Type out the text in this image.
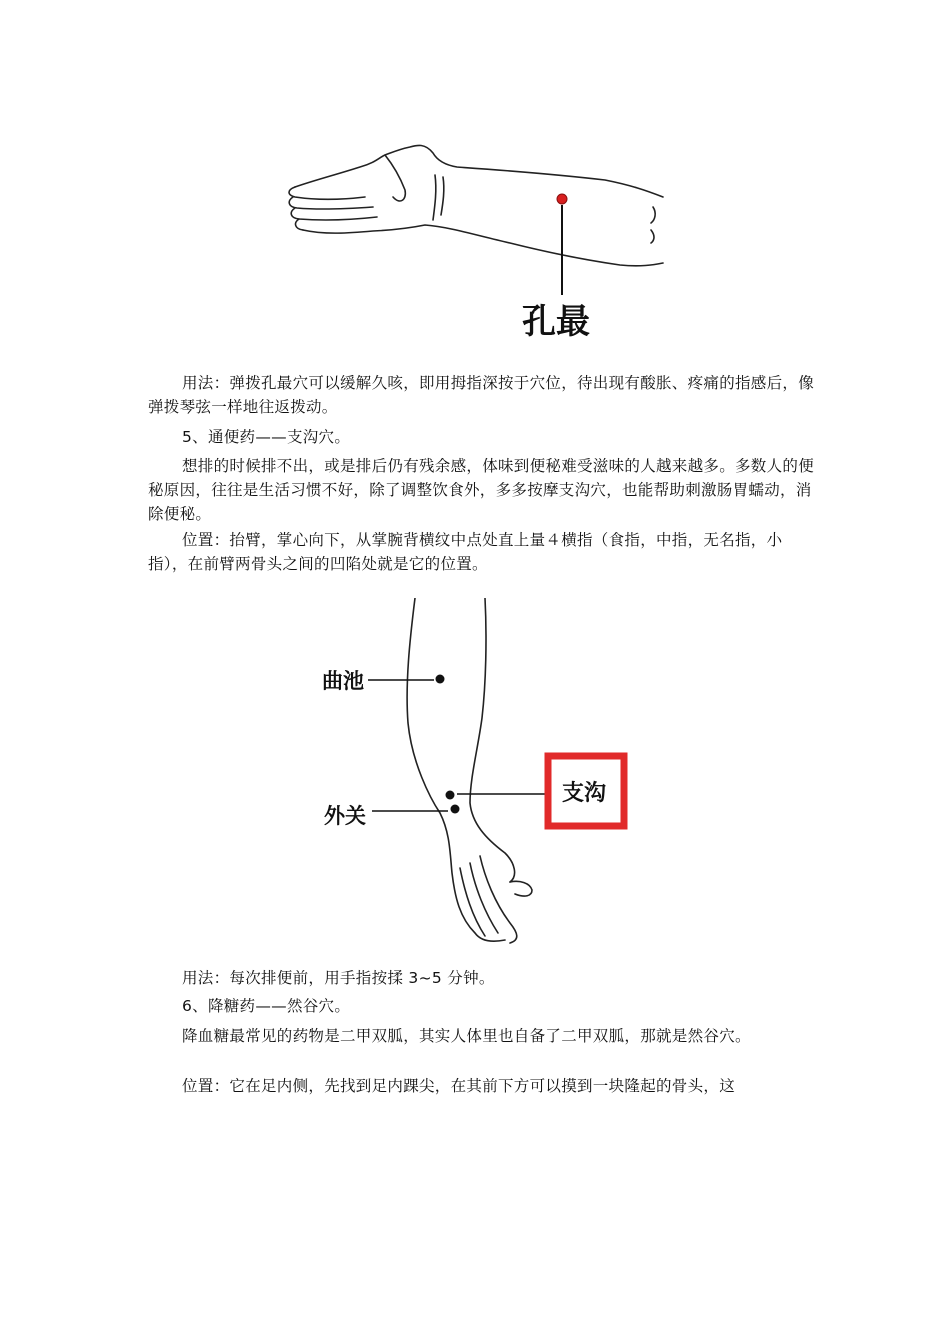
孔最

用法：弹拨孔最穴可以缓解久咳，即用拇指深按于穴位，待出现有酸胀、疼痛的指感后，像弹拨琴弦一样地往返拨动。

5、通便药——支沟穴。

想排的时候排不出，或是排后仍有残余感，体味到便秘难受滋味的人越来越多。多数人的便秘原因，往往是生活习惯不好，除了调整饮食外，多多按摩支沟穴，也能帮助刺激肠胃蠕动，消除便秘。

位置：抬臂，掌心向下，从掌腕背横纹中点处直上量４横指（食指，中指，无名指，小指），在前臂两骨头之间的凹陷处就是它的位置。

曲池
外关
支沟

用法：每次排便前，用手指按揉 3~5 分钟。

6、降糖药——然谷穴。

降血糖最常见的药物是二甲双胍，其实人体里也自备了二甲双胍，那就是然谷穴。

位置：它在足内侧，先找到足内踝尖，在其前下方可以摸到一块隆起的骨头，这
